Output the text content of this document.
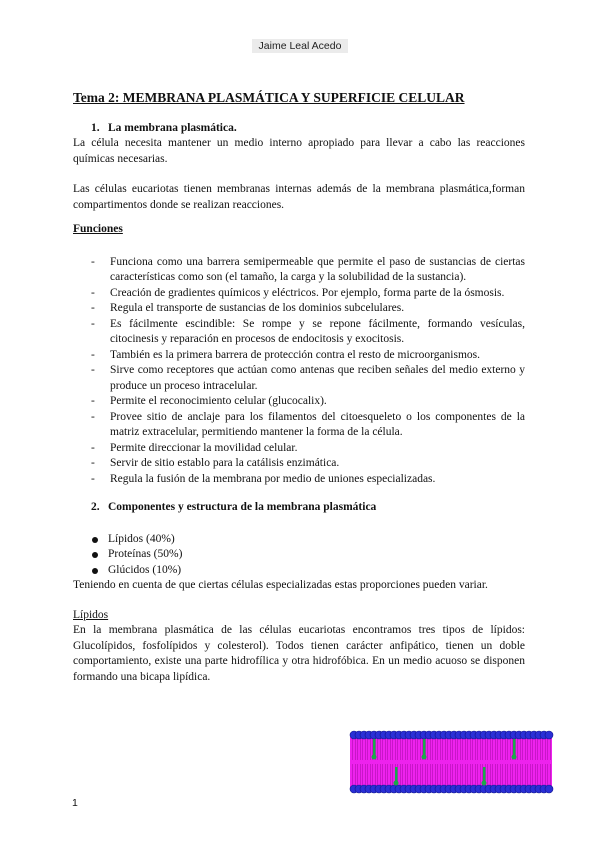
Jaime Leal Acedo
Tema 2: MEMBRANA PLASMÁTICA Y SUPERFICIE CELULAR
1. La membrana plasmática.

La célula necesita mantener un medio interno apropiado para llevar a cabo las reacciones químicas necesarias.

Las células eucariotas tienen membranas internas además de la membrana plasmática,forman compartimentos donde se realizan reacciones.

Funciones
- Funciona como una barrera semipermeable que permite el paso de sustancias de ciertas características como son (el tamaño, la carga y la solubilidad de la sustancia).
- Creación de gradientes químicos y eléctricos. Por ejemplo, forma parte de la ósmosis.
- Regula el transporte de sustancias de los dominios subcelulares.
- Es fácilmente escindible: Se rompe y se repone fácilmente, formando vesículas, citocinesis y reparación en procesos de endocitosis y exocitosis.
- También es la primera barrera de protección contra el resto de microorganismos.
- Sirve como receptores que actúan como antenas que reciben señales del medio externo y produce un proceso intracelular.
- Permite el reconocimiento celular (glucocalix).
- Provee sitio de anclaje para los filamentos del citoesqueleto o los componentes de la matriz extracelular, permitiendo mantener la forma de la célula.
- Permite direccionar la movilidad celular.
- Servir de sitio establo para la catálisis enzimática.
- Regula la fusión de la membrana por medio de uniones especializadas.
2. Componentes y estructura de la membrana plasmática
Lípidos (40%)
Proteínas (50%)
Glúcidos (10%)

Teniendo en cuenta de que ciertas células especializadas estas proporciones pueden variar.

Lípidos

En la membrana plasmática de las células eucariotas encontramos tres tipos de lípidos: Glucolípidos, fosfolípidos y colesterol). Todos tienen carácter anfipático, tienen un doble comportamiento, existe una parte hidrofílica y otra hidrofóbica. En un medio acuoso se disponen formando una bicapa lipídica.

1
